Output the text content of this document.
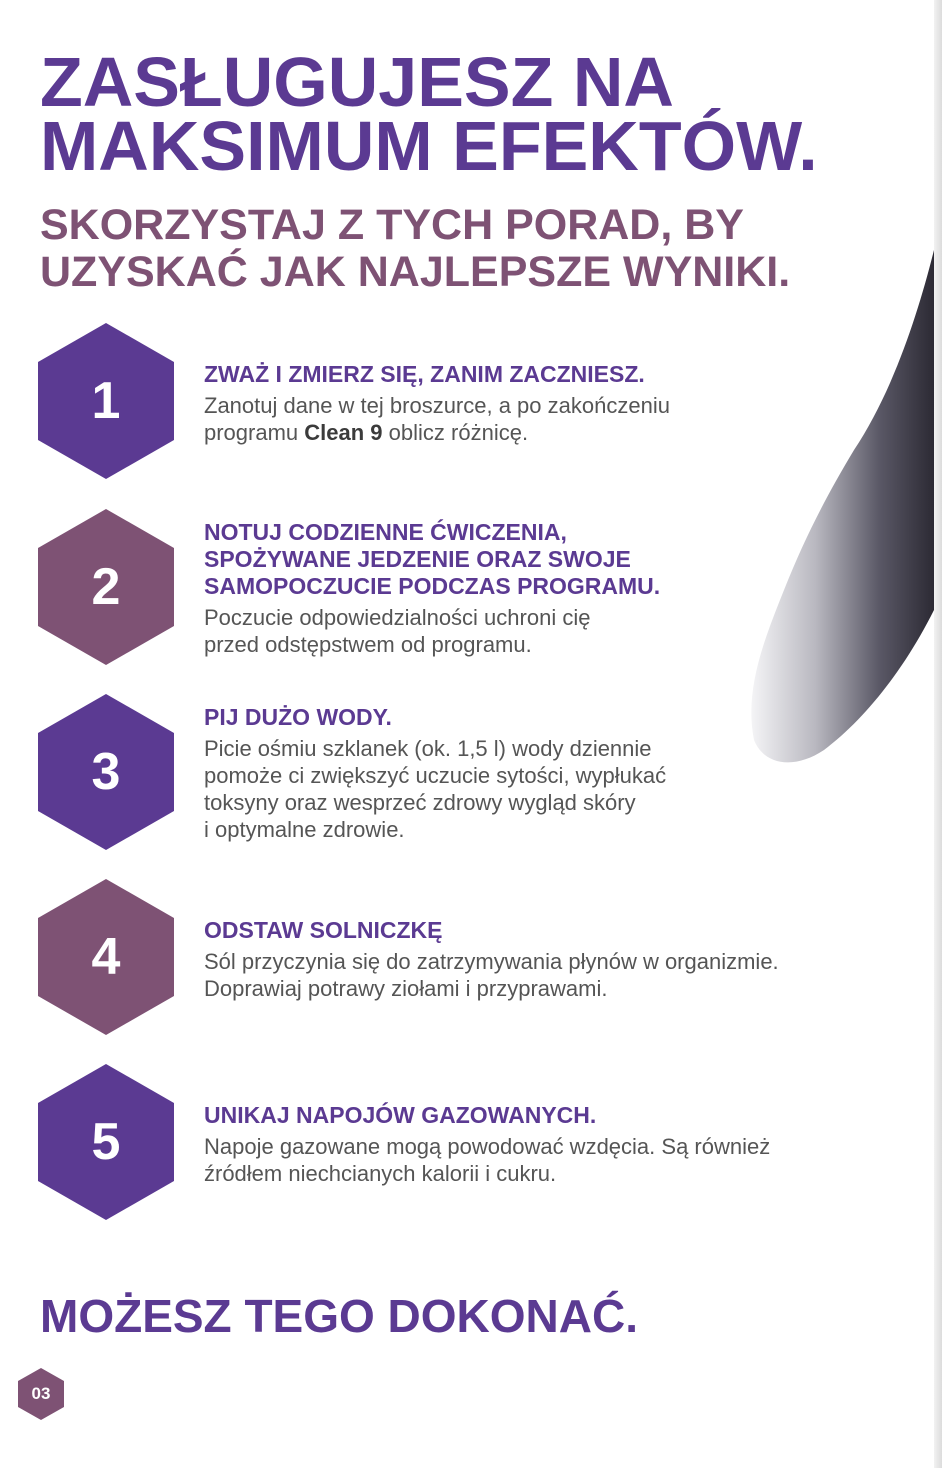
ZASŁUGUJESZ NA
MAKSIMUM EFEKTÓW.
SKORZYSTAJ Z TYCH PORAD, BY
UZYSKAĆ JAK NAJLEPSZE WYNIKI.
1	ZWAŻ I ZMIERZ SIĘ, ZANIM ZACZNIESZ.

Zanotuj dane w tej broszurce, a po zakończeniu
programu Clean 9 oblicz różnicę.

2

NOTUJ CODZIENNE ĆWICZENIA,
SPOŻYWANE JEDZENIE ORAZ SWOJE
SAMOPOCZUCIE PODCZAS PROGRAMU.

Poczucie odpowiedzialności uchroni cię
przed odstępstwem od programu.

3

PIJ DUŻO WODY.

Picie ośmiu szklanek (ok. 1,5 l) wody dziennie
pomoże ci zwiększyć uczucie sytości, wypłukać
toksyny oraz wesprzeć zdrowy wygląd skóry
i optymalne zdrowie.

4	ODSTAW SOLNICZKĘ

Sól przyczynia się do zatrzymywania płynów w organizmie.
Doprawiaj potrawy ziołami i przyprawami.

5	UNIKAJ NAPOJÓW GAZOWANYCH.

Napoje gazowane mogą powodować wzdęcia. Są również
źródłem niechcianych kalorii i cukru.

MOŻESZ TEGO DOKONAĆ.
03
